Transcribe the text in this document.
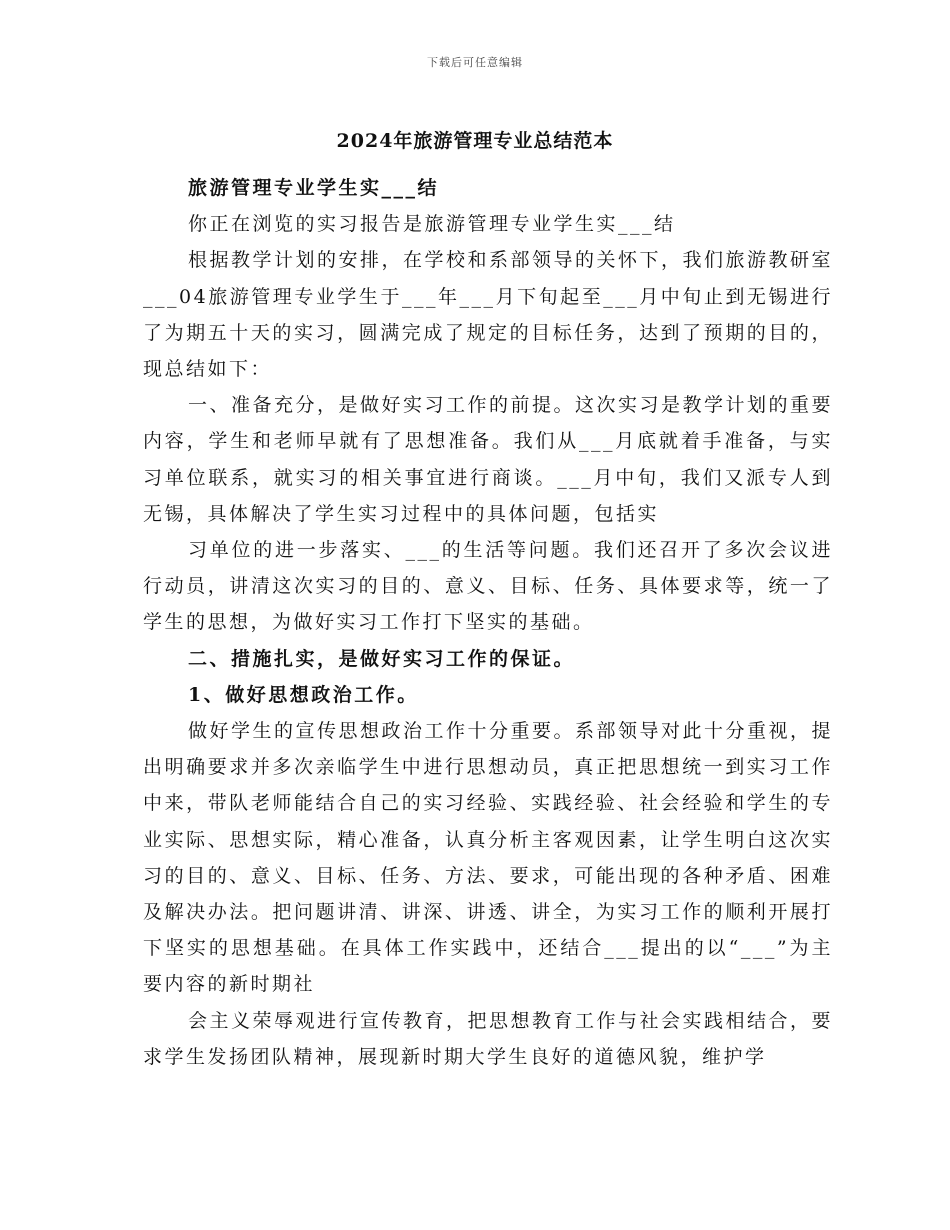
下载后可任意编辑
2024年旅游管理专业总结范本

旅游管理专业学生实___结

你正在浏览的实习报告是旅游管理专业学生实___结

根据教学计划的安排，在学校和系部领导的关怀下，我们旅游教研室___04旅游管理专业学生于___年___月下旬起至___月中旬止到无锡进行了为期五十天的实习，圆满完成了规定的目标任务，达到了预期的目的，现总结如下：

一、准备充分，是做好实习工作的前提。这次实习是教学计划的重要内容，学生和老师早就有了思想准备。我们从___月底就着手准备，与实习单位联系，就实习的相关事宜进行商谈。___月中旬，我们又派专人到无锡，具体解决了学生实习过程中的具体问题，包括实

习单位的进一步落实、___的生活等问题。我们还召开了多次会议进行动员，讲清这次实习的目的、意义、目标、任务、具体要求等，统一了学生的思想，为做好实习工作打下坚实的基础。

二、措施扎实，是做好实习工作的保证。

1、做好思想政治工作。

做好学生的宣传思想政治工作十分重要。系部领导对此十分重视，提出明确要求并多次亲临学生中进行思想动员，真正把思想统一到实习工作中来，带队老师能结合自己的实习经验、实践经验、社会经验和学生的专业实际、思想实际，精心准备，认真分析主客观因素，让学生明白这次实习的目的、意义、目标、任务、方法、要求，可能出现的各种矛盾、困难及解决办法。把问题讲清、讲深、讲透、讲全，为实习工作的顺利开展打下坚实的思想基础。在具体工作实践中，还结合___提出的以“___”为主要内容的新时期社

会主义荣辱观进行宣传教育，把思想教育工作与社会实践相结合，要求学生发扬团队精神，展现新时期大学生良好的道德风貌，维护学
